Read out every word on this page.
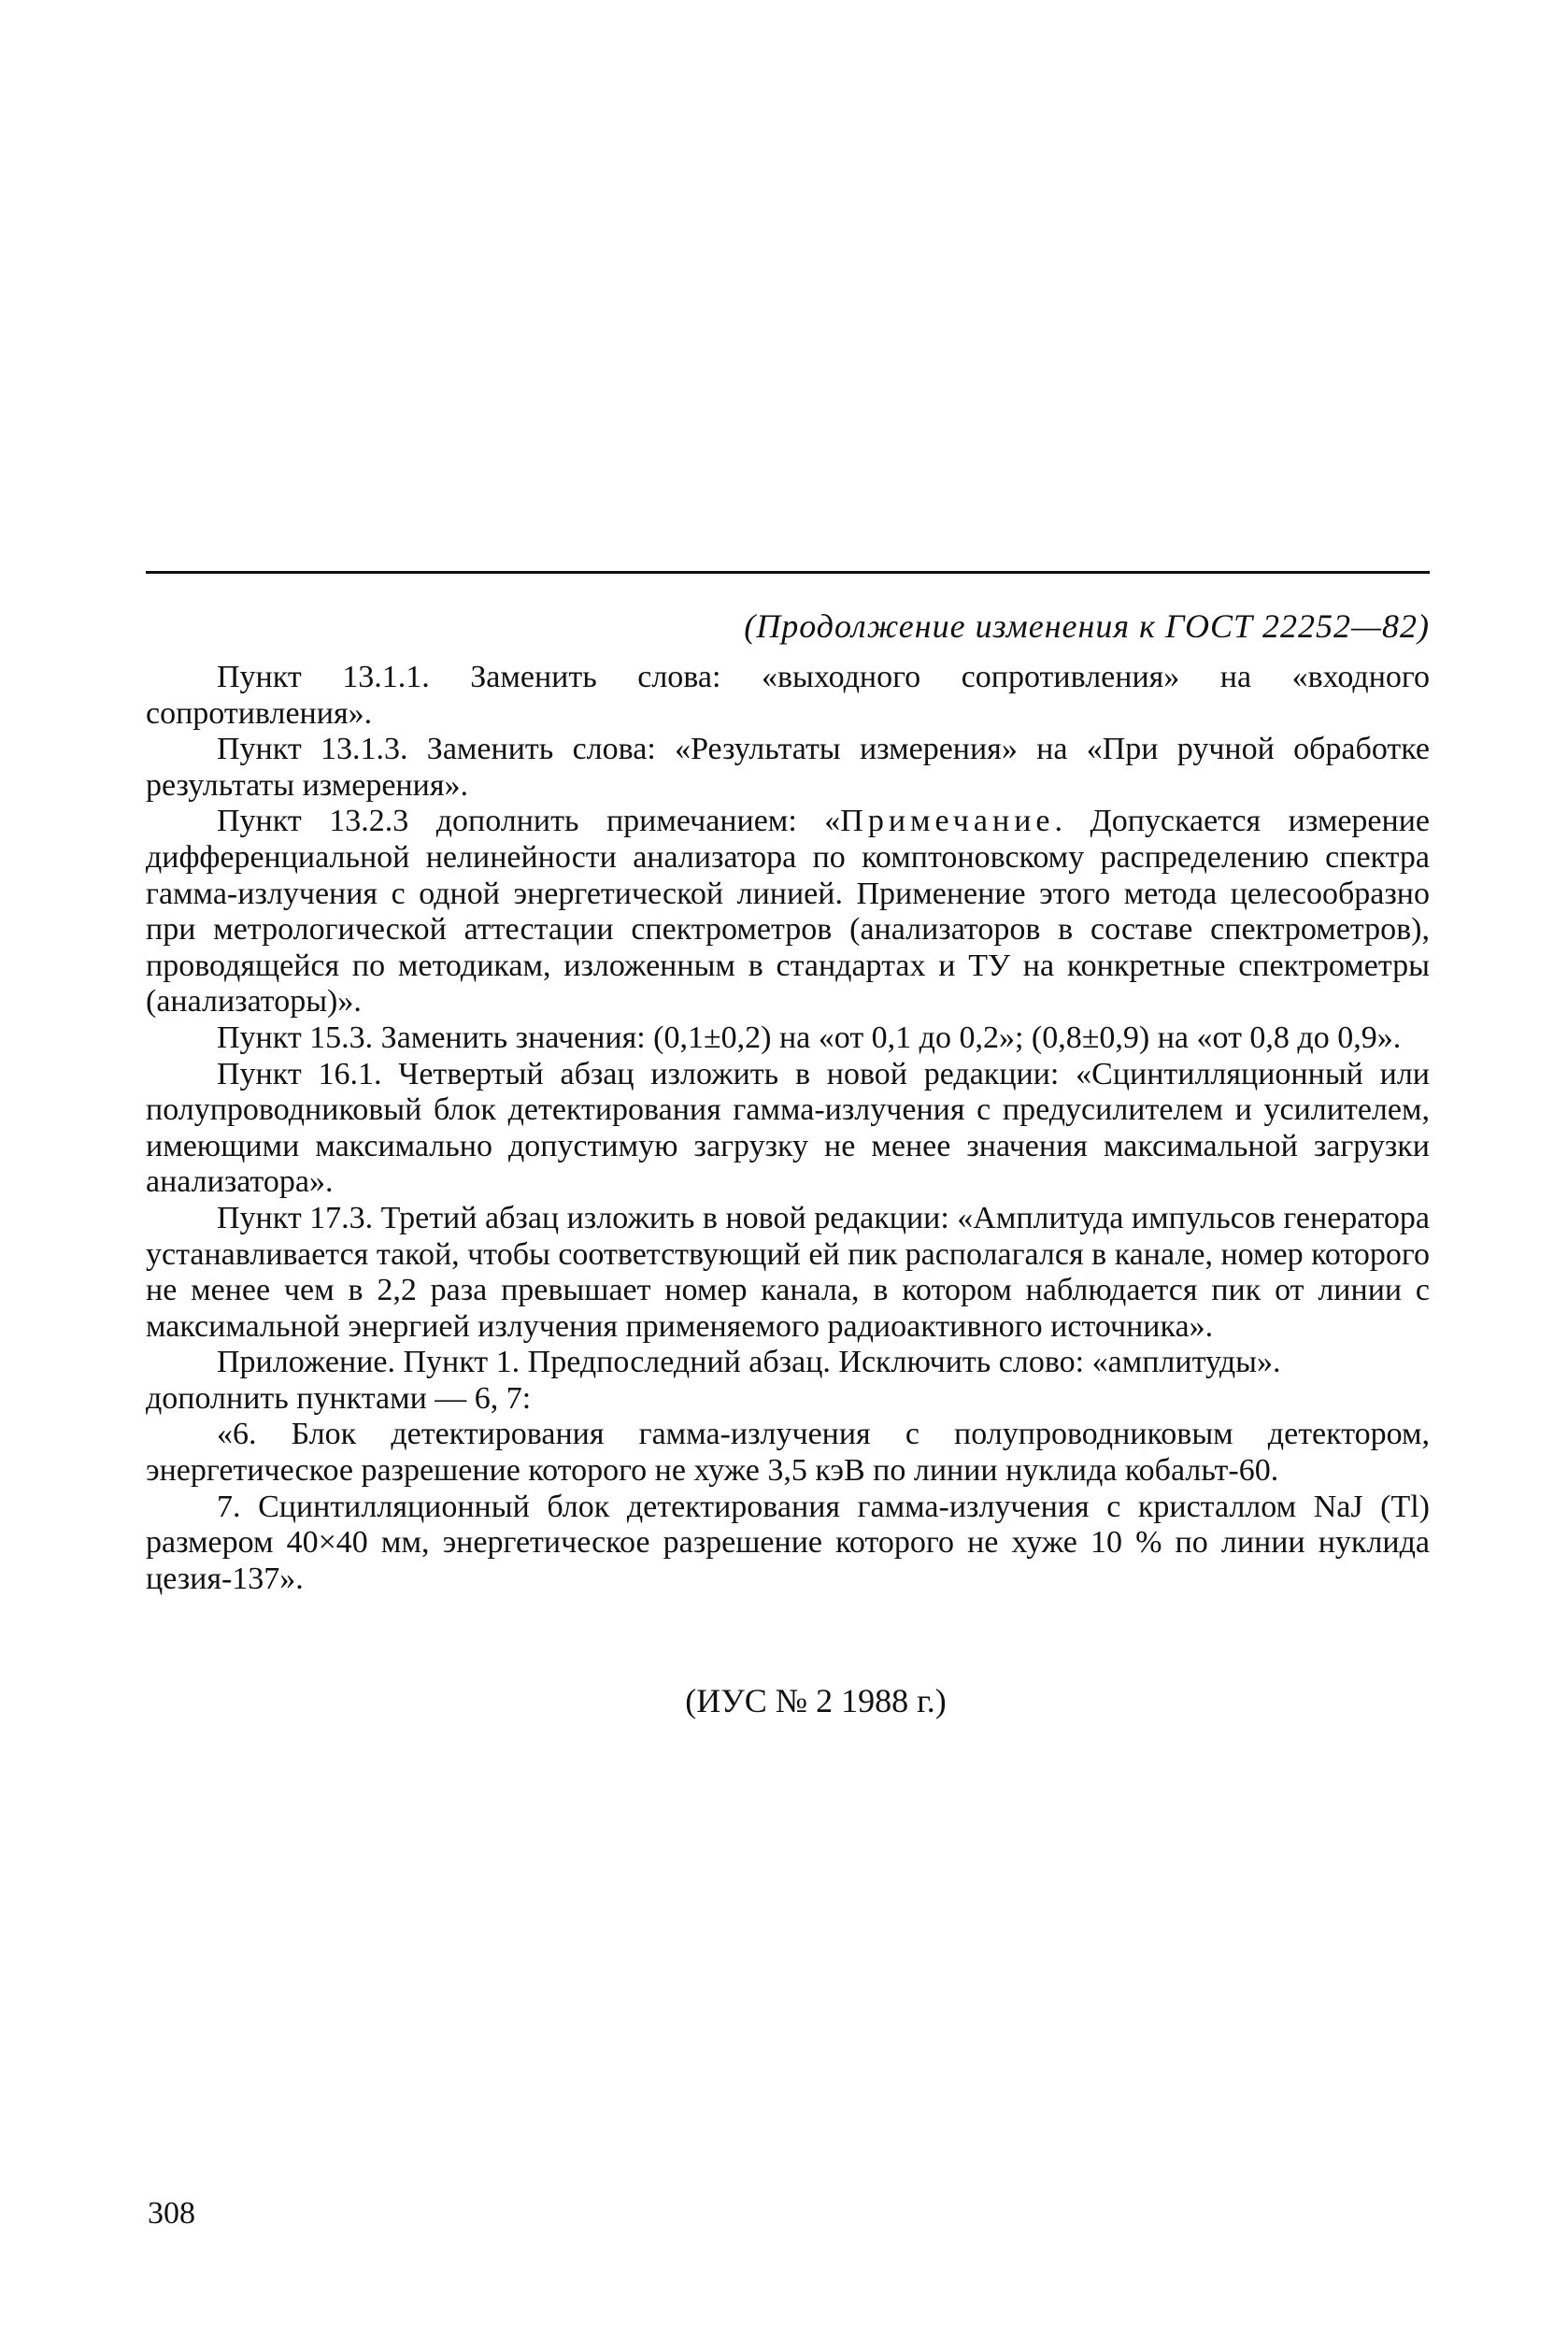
(Продолжение изменения к ГОСТ 22252—82)

Пункт 13.1.1. Заменить слова: «выходного сопротивления» на «входного сопротивления».

Пункт 13.1.3. Заменить слова: «Результаты измерения» на «При ручной обработке результаты измерения».

Пункт 13.2.3 дополнить примечанием: «Примечание. Допускается измерение дифференциальной нелинейности анализатора по комптоновскому распределению спектра гамма-излучения с одной энергетической линией. Применение этого метода целесообразно при метрологической аттестации спектрометров (анализаторов в составе спектрометров), проводящейся по методикам, изложенным в стандартах и ТУ на конкретные спектрометры (анализаторы)».

Пункт 15.3. Заменить значения: (0,1±0,2) на «от 0,1 до 0,2»; (0,8±0,9) на «от 0,8 до 0,9».

Пункт 16.1. Четвертый абзац изложить в новой редакции: «Сцинтилляционный или полупроводниковый блок детектирования гамма-излучения с предусилителем и усилителем, имеющими максимально допустимую загрузку не менее значения максимальной загрузки анализатора».

Пункт 17.3. Третий абзац изложить в новой редакции: «Амплитуда импульсов генератора устанавливается такой, чтобы соответствующий ей пик располагался в канале, номер которого не менее чем в 2,2 раза превышает номер канала, в котором наблюдается пик от линии с максимальной энергией излучения применяемого радиоактивного источника».

Приложение. Пункт 1. Предпоследний абзац. Исключить слово: «амплитуды».

дополнить пунктами — 6, 7:

«6. Блок детектирования гамма-излучения с полупроводниковым детектором, энергетическое разрешение которого не хуже 3,5 кэВ по линии нуклида кобальт-60.

7. Сцинтилляционный блок детектирования гамма-излучения с кристаллом NaJ (Tl) размером 40×40 мм, энергетическое разрешение которого не хуже 10 % по линии нуклида цезия-137».

(ИУС № 2 1988 г.)
308
